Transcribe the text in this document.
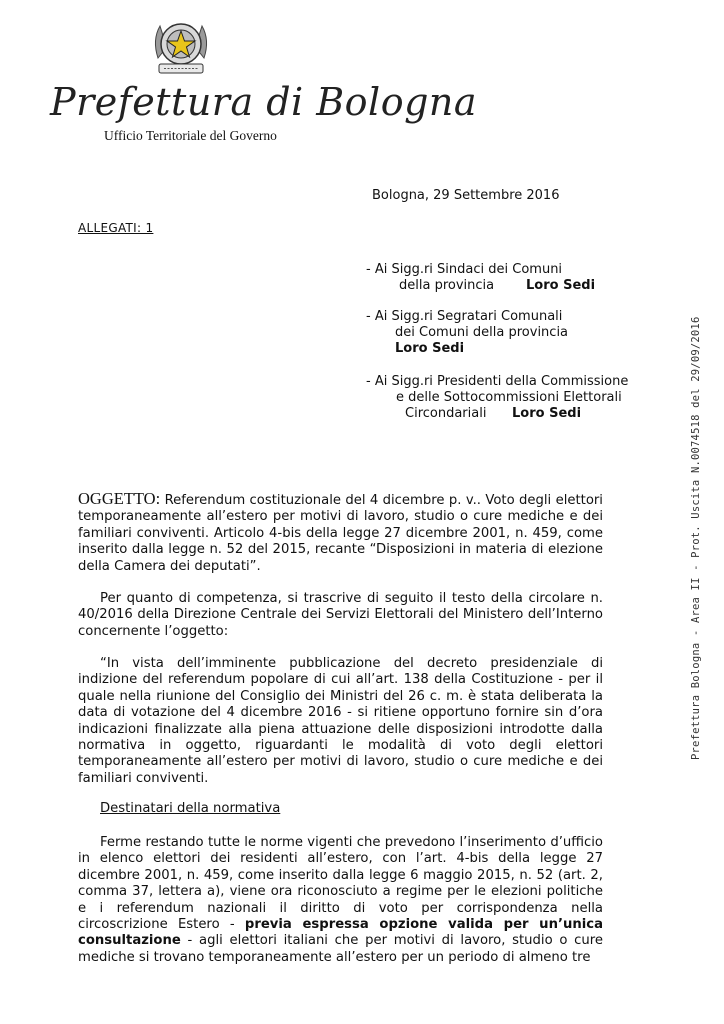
Prefettura di Bologna
Ufficio Territoriale del Governo
Bologna, 29 Settembre 2016
ALLEGATI: 1
- Ai Sigg.ri Sindaci dei Comuni
della provincia Loro Sedi
- Ai Sigg.ri Segratari Comunali
dei Comuni della provincia
Loro Sedi
- Ai Sigg.ri Presidenti della Commissione
e delle Sottocommissioni Elettorali
Circondariali Loro Sedi	Prefettura Bologna - Area II - Prot. Uscita N.0074518 del 29/09/2016
OGGETTO: Referendum costituzionale del 4 dicembre p. v.. Voto degli elettori temporaneamente all’estero per motivi di lavoro, studio o cure mediche e dei familiari conviventi. Articolo 4-bis della legge 27 dicembre 2001, n. 459, come inserito dalla legge n. 52 del 2015, recante “Disposizioni in materia di elezione della Camera dei deputati”.
Per quanto di competenza, si trascrive di seguito il testo della circolare n. 40/2016 della Direzione Centrale dei Servizi Elettorali del Ministero dell’Interno concernente l’oggetto:
“In vista dell’imminente pubblicazione del decreto presidenziale di indizione del referendum popolare di cui all’art. 138 della Costituzione - per il quale nella riunione del Consiglio dei Ministri del 26 c. m. è stata deliberata la data di votazione del 4 dicembre 2016 - si ritiene opportuno fornire sin d’ora indicazioni finalizzate alla piena attuazione delle disposizioni introdotte dalla normativa in oggetto, riguardanti le modalità di voto degli elettori temporaneamente all’estero per motivi di lavoro, studio o cure mediche e dei familiari conviventi.
Destinatari della normativa
Ferme restando tutte le norme vigenti che prevedono l’inserimento d’ufficio in elenco elettori dei residenti all’estero, con l’art. 4-bis della legge 27 dicembre 2001, n. 459, come inserito dalla legge 6 maggio 2015, n. 52 (art. 2, comma 37, lettera a), viene ora riconosciuto a regime per le elezioni politiche e i referendum nazionali il diritto di voto per corrispondenza nella circoscrizione Estero - previa espressa opzione valida per un’unica consultazione - agli elettori italiani che per motivi di lavoro, studio o cure mediche si trovano temporaneamente all’estero per un periodo di almeno tre
